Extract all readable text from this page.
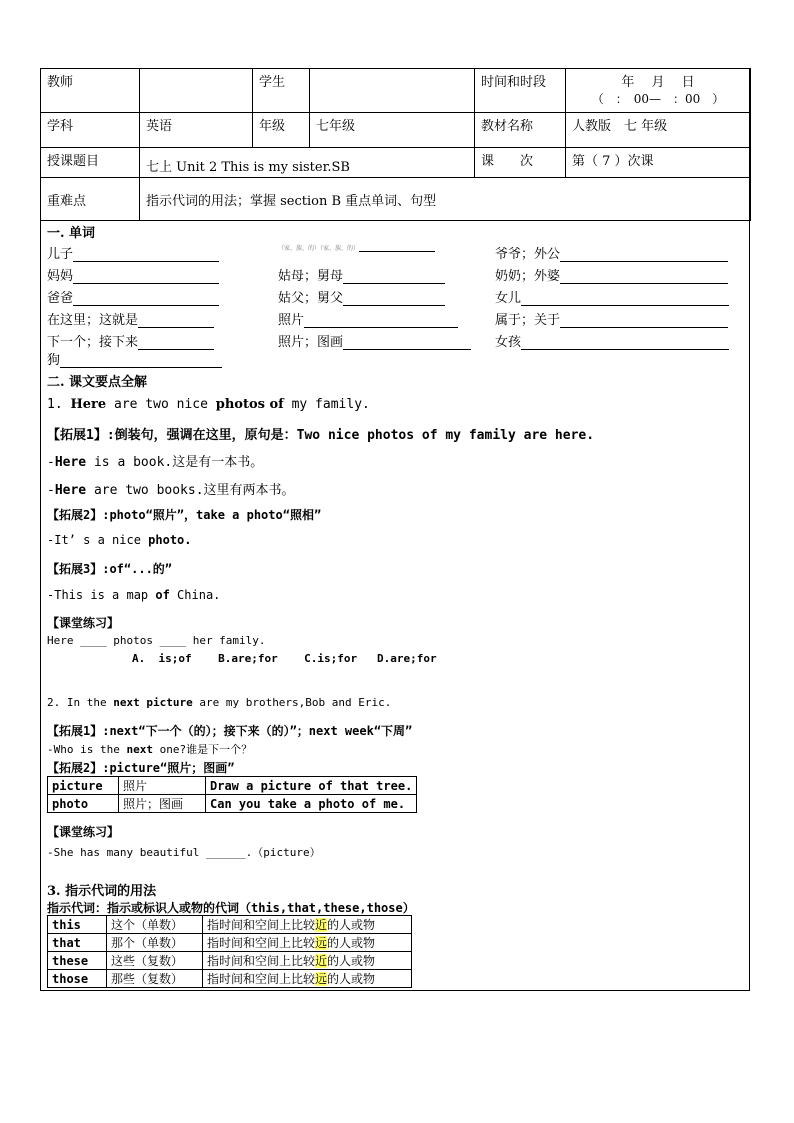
教师		学生		时间和时段	年　 月　 日
（　：　00—　：00　）

学科	英语	年级	七年级	教材名称	人教版　七 年级
授课题目	七上 Unit 2 This is my sister.SB			课　　次	第（ 7 ）次课
重难点	指示代词的用法；掌握 section B 重点单词、句型				
一. 单词
儿子	（家、族、的）（家、族、的）	爷爷；外公
妈妈	姑母；舅母	奶奶；外婆
爸爸	姑父；舅父	女儿
在这里；这就是	照片	属于；关于
下一个；接下来	照片；图画	女孩
狗
二. 课文要点全解
1. Here are two nice photos of my family.
【拓展1】:倒装句，强调在这里，原句是：Two nice photos of my family are here.
-Here is a book.这是有一本书。
-Here are two books.这里有两本书。
【拓展2】:photo“照片”，take a photo“照相”
-It’ s a nice photo.
【拓展3】:of“...的”
-This is a map of China.
【课堂练习】
Here ____ photos ____ her family.
A.  is;of    B.are;for    C.is;for   D.are;for
2. In the next picture are my brothers,Bob and Eric.
【拓展1】:next“下一个（的）；接下来（的）”；next week“下周”
-Who is the next one?谁是下一个？
【拓展2】:picture“照片；图画”
picture	照片	Draw a picture of that tree.
photo	照片；图画	Can you take a photo of me.
【课堂练习】
-She has many beautiful ______.（picture）
3. 指示代词的用法
指示代词：指示或标识人或物的代词（this,that,these,those）
this	这个（单数）	指时间和空间上比较近的人或物
that	那个（单数）	指时间和空间上比较远的人或物
these	这些（复数）	指时间和空间上比较近的人或物
those	那些（复数）	指时间和空间上比较远的人或物
